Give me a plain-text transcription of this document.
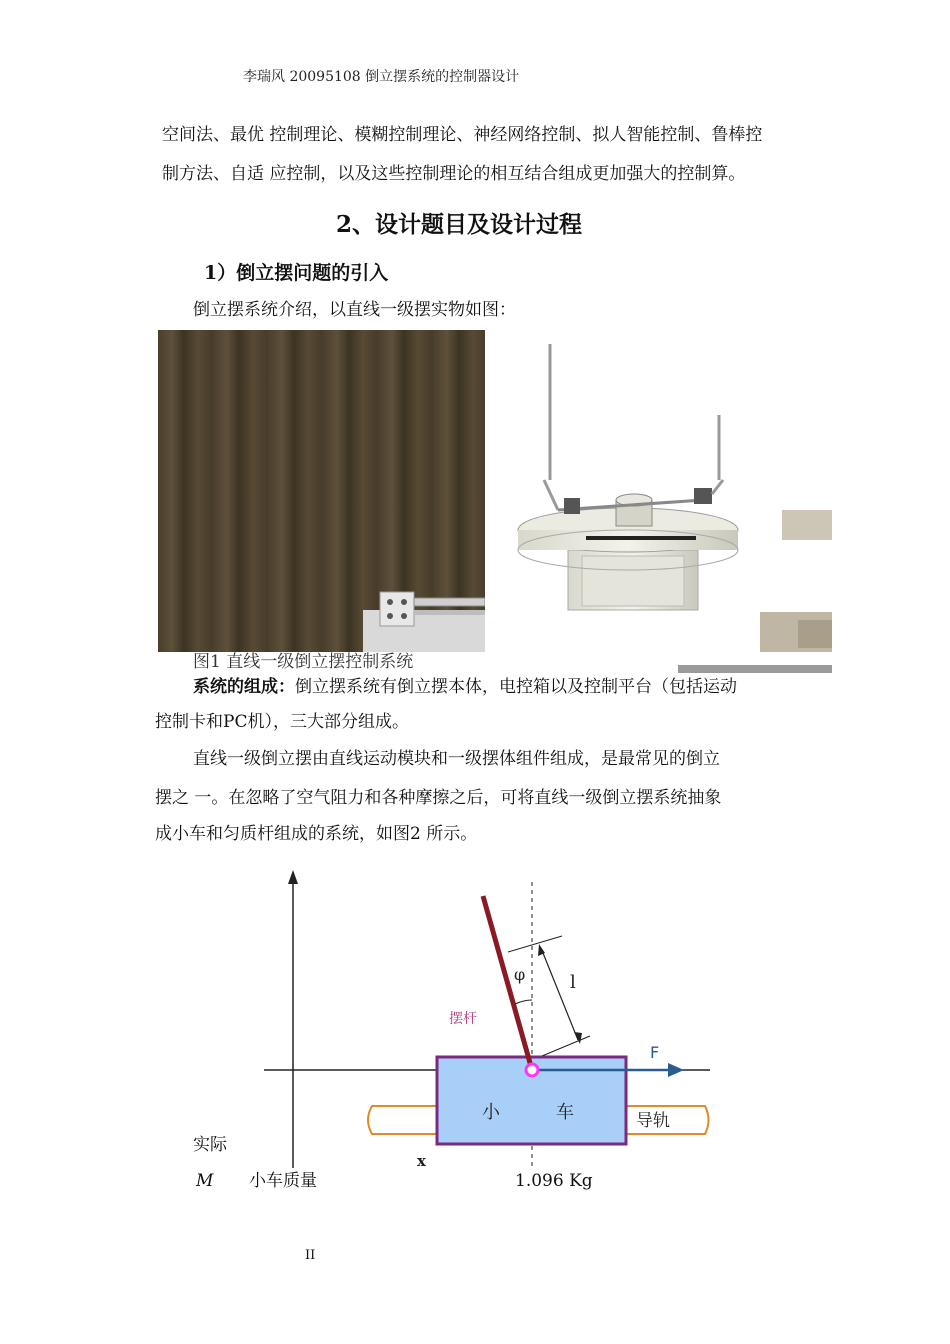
李瑞风 20095108 倒立摆系统的控制器设计
空间法、最优 控制理论、模糊控制理论、神经网络控制、拟人智能控制、鲁棒控
制方法、自适 应控制，以及这些控制理论的相互结合组成更加强大的控制算。
2、设计题目及设计过程
1）倒立摆问题的引入
倒立摆系统介绍，以直线一级摆实物如图：
图1 直线一级倒立摆控制系统
系统的组成：倒立摆系统有倒立摆本体，电控箱以及控制平台（包括运动
控制卡和PC机），三大部分组成。
直线一级倒立摆由直线运动模块和一级摆体组件组成，是最常见的倒立
摆之 一。在忽略了空气阻力和各种摩擦之后，可将直线一级倒立摆系统抽象
成小车和匀质杆组成的系统，如图2 所示。
φ l
摆杆
F
小	车	导轨
x
实际
M 小车质量	1.096 Kg
II
